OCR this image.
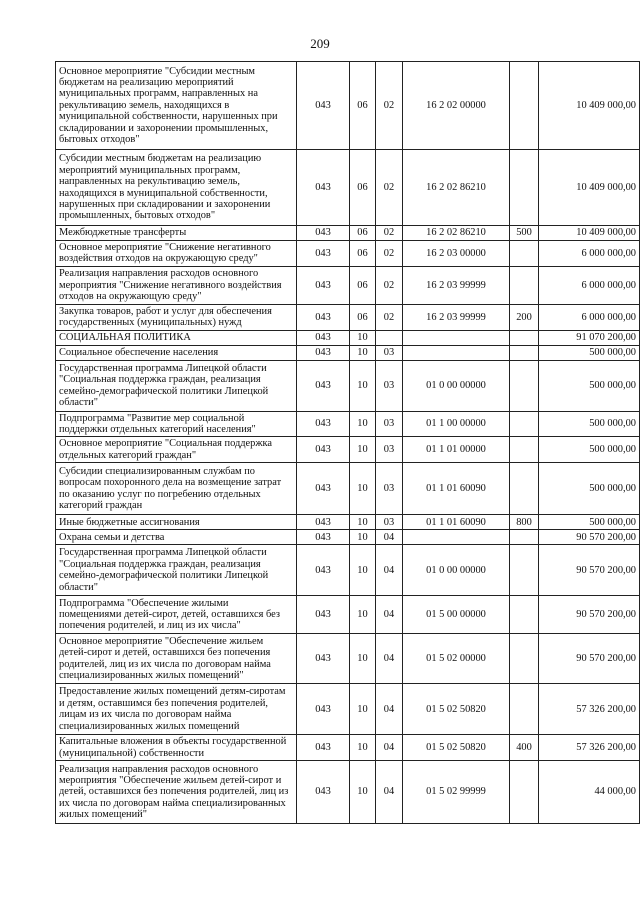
209
Основное мероприятие "Субсидии местным бюджетам на реализацию мероприятий муниципальных программ, направленных на рекультивацию земель, находящихся в муниципальной собственности, нарушенных при складировании и захоронении промышленных, бытовых отходов"	043	06	02	16 2 02 00000		10 409 000,00
Субсидии местным бюджетам на реализацию мероприятий муниципальных программ, направленных на рекультивацию земель, находящихся в муниципальной собственности, нарушенных при складировании и захоронении промышленных, бытовых отходов"	043	06	02	16 2 02 86210		10 409 000,00
Межбюджетные трансферты	043	06	02	16 2 02 86210	500	10 409 000,00
Основное мероприятие "Снижение негативного воздействия отходов на окружающую среду"	043	06	02	16 2 03 00000		6 000 000,00
Реализация направления расходов основного мероприятия "Снижение негативного воздействия отходов на окружающую среду"	043	06	02	16 2 03 99999		6 000 000,00
Закупка товаров, работ и услуг для обеспечения государственных (муниципальных) нужд	043	06	02	16 2 03 99999	200	6 000 000,00
СОЦИАЛЬНАЯ ПОЛИТИКА	043	10				91 070 200,00
Социальное обеспечение населения	043	10	03			500 000,00
Государственная программа Липецкой области "Социальная поддержка граждан, реализация семейно-демографической политики Липецкой области"	043	10	03	01 0 00 00000		500 000,00
Подпрограмма "Развитие мер социальной поддержки отдельных категорий населения"	043	10	03	01 1 00 00000		500 000,00
Основное мероприятие "Социальная поддержка отдельных категорий граждан"	043	10	03	01 1 01 00000		500 000,00
Субсидии специализированным службам по вопросам похоронного дела на возмещение затрат по оказанию услуг по погребению отдельных категорий граждан	043	10	03	01 1 01 60090		500 000,00
Иные бюджетные ассигнования	043	10	03	01 1 01 60090	800	500 000,00
Охрана семьи и детства	043	10	04			90 570 200,00
Государственная программа Липецкой области "Социальная поддержка граждан, реализация семейно-демографической политики Липецкой области"	043	10	04	01 0 00 00000		90 570 200,00
Подпрограмма "Обеспечение жилыми помещениями детей-сирот, детей, оставшихся без попечения родителей, и лиц из их числа"	043	10	04	01 5 00 00000		90 570 200,00
Основное мероприятие "Обеспечение жильем детей-сирот и детей, оставшихся без попечения родителей, лиц из их числа по договорам найма специализированных жилых помещений"	043	10	04	01 5 02 00000		90 570 200,00
Предоставление жилых помещений детям-сиротам и детям, оставшимся без попечения родителей, лицам из их числа по договорам найма специализированных жилых помещений	043	10	04	01 5 02 50820		57 326 200,00
Капитальные вложения в объекты государственной (муниципальной) собственности	043	10	04	01 5 02 50820	400	57 326 200,00
Реализация направления расходов основного мероприятия "Обеспечение жильем детей-сирот и детей, оставшихся без попечения родителей, лиц из их числа по договорам найма специализированных жилых помещений"	043	10	04	01 5 02 99999		44 000,00
